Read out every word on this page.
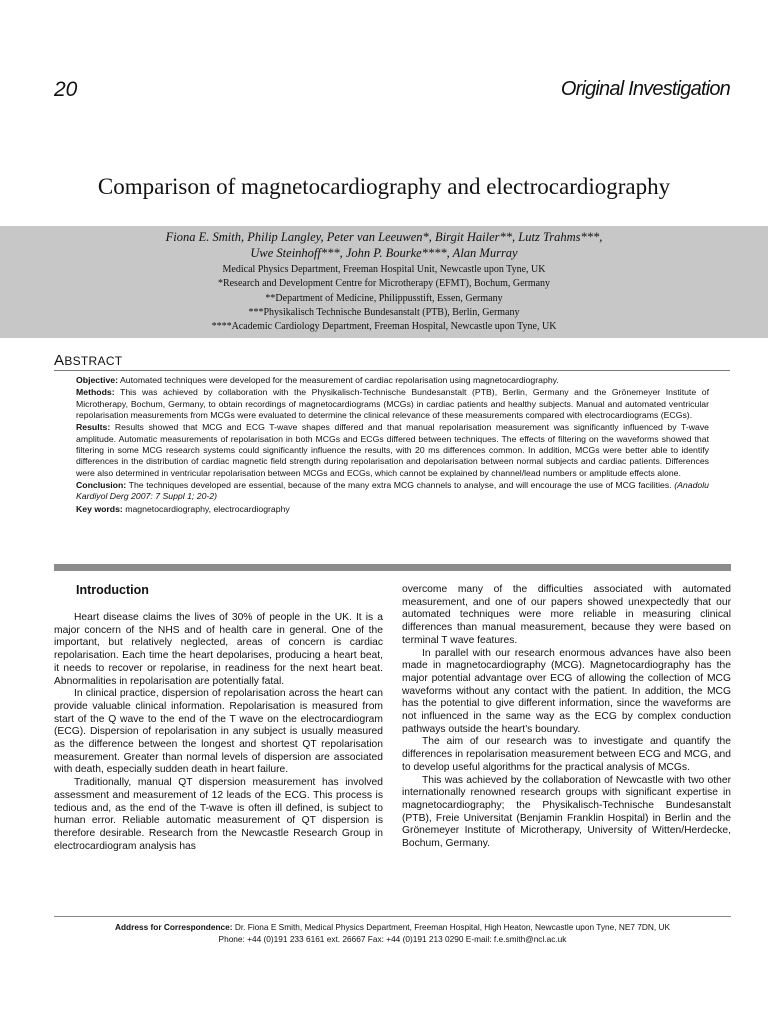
20	Original Investigation
Comparison of magnetocardiography and electrocardiography
Fiona E. Smith, Philip Langley, Peter van Leeuwen*, Birgit Hailer**, Lutz Trahms***,
Uwe Steinhoff***, John P. Bourke****, Alan Murray
Medical Physics Department, Freeman Hospital Unit, Newcastle upon Tyne, UK
*Research and Development Centre for Microtherapy (EFMT), Bochum, Germany
**Department of Medicine, Philippusstift, Essen, Germany
***Physikalisch Technische Bundesanstalt (PTB), Berlin, Germany
****Academic Cardiology Department, Freeman Hospital, Newcastle upon Tyne, UK
ABSTRACT

Objective: Automated techniques were developed for the measurement of cardiac repolarisation using magnetocardiography.

Methods: This was achieved by collaboration with the Physikalisch-Technische Bundesanstalt (PTB), Berlin, Germany and the Grönemeyer Institute of Microtherapy, Bochum, Germany, to obtain recordings of magnetocardiograms (MCGs) in cardiac patients and healthy subjects. Manual and automated ventricular repolarisation measurements from MCGs were evaluated to determine the clinical relevance of these measurements compared with electrocardiograms (ECGs).

Results: Results showed that MCG and ECG T-wave shapes differed and that manual repolarisation measurement was significantly influenced by T-wave amplitude. Automatic measurements of repolarisation in both MCGs and ECGs differed between techniques. The effects of filtering on the waveforms showed that filtering in some MCG research systems could significantly influence the results, with 20 ms differences common. In addition, MCGs were better able to identify differences in the distribution of cardiac magnetic field strength during repolarisation and depolarisation between normal subjects and cardiac patients. Differences were also determined in ventricular repolarisation between MCGs and ECGs, which cannot be explained by channel/lead numbers or amplitude effects alone.

Conclusion: The techniques developed are essential, because of the many extra MCG channels to analyse, and will encourage the use of MCG facilities. (Anadolu Kardiyol Derg 2007: 7 Suppl 1; 20-2)

Key words: magnetocardiography, electrocardiography

Introduction

Heart disease claims the lives of 30% of people in the UK. It is a major concern of the NHS and of health care in general. One of the important, but relatively neglected, areas of concern is cardiac repolarisation. Each time the heart depolarises, producing a heart beat, it needs to recover or repolarise, in readiness for the next heart beat. Abnormalities in repolarisation are potentially fatal.

In clinical practice, dispersion of repolarisation across the heart can provide valuable clinical information. Repolarisation is measured from start of the Q wave to the end of the T wave on the electrocardiogram (ECG). Dispersion of repolarisation in any subject is usually measured as the difference between the longest and shortest QT repolarisation measurement. Greater than normal levels of dispersion are associated with death, especially sudden death in heart failure.

Traditionally, manual QT dispersion measurement has involved assessment and measurement of 12 leads of the ECG. This process is tedious and, as the end of the T-wave is often ill defined, is subject to human error. Reliable automatic measurement of QT dispersion is therefore desirable. Research from the Newcastle Research Group in electrocardiogram analysis has

overcome many of the difficulties associated with automated measurement, and one of our papers showed unexpectedly that our automated techniques were more reliable in measuring clinical differences than manual measurement, because they were based on terminal T wave features.

In parallel with our research enormous advances have also been made in magnetocardiography (MCG). Magnetocardiography has the major potential advantage over ECG of allowing the collection of MCG waveforms without any contact with the patient. In addition, the MCG has the potential to give different information, since the waveforms are not influenced in the same way as the ECG by complex conduction pathways outside the heart’s boundary.

The aim of our research was to investigate and quantify the differences in repolarisation measurement between ECG and MCG, and to develop useful algorithms for the practical analysis of MCGs.

This was achieved by the collaboration of Newcastle with two other internationally renowned research groups with significant expertise in magnetocardiography; the Physikalisch-Technische Bundesanstalt (PTB), Freie Universitat (Benjamin Franklin Hospital) in Berlin and the Grönemeyer Institute of Microtherapy, University of Witten/Herdecke, Bochum, Germany.

Address for Correspondence: Dr. Fiona E Smith, Medical Physics Department, Freeman Hospital, High Heaton, Newcastle upon Tyne, NE7 7DN, UK
Phone: +44 (0)191 233 6161 ext. 26667 Fax: +44 (0)191 213 0290 E-mail: f.e.smith@ncl.ac.uk
